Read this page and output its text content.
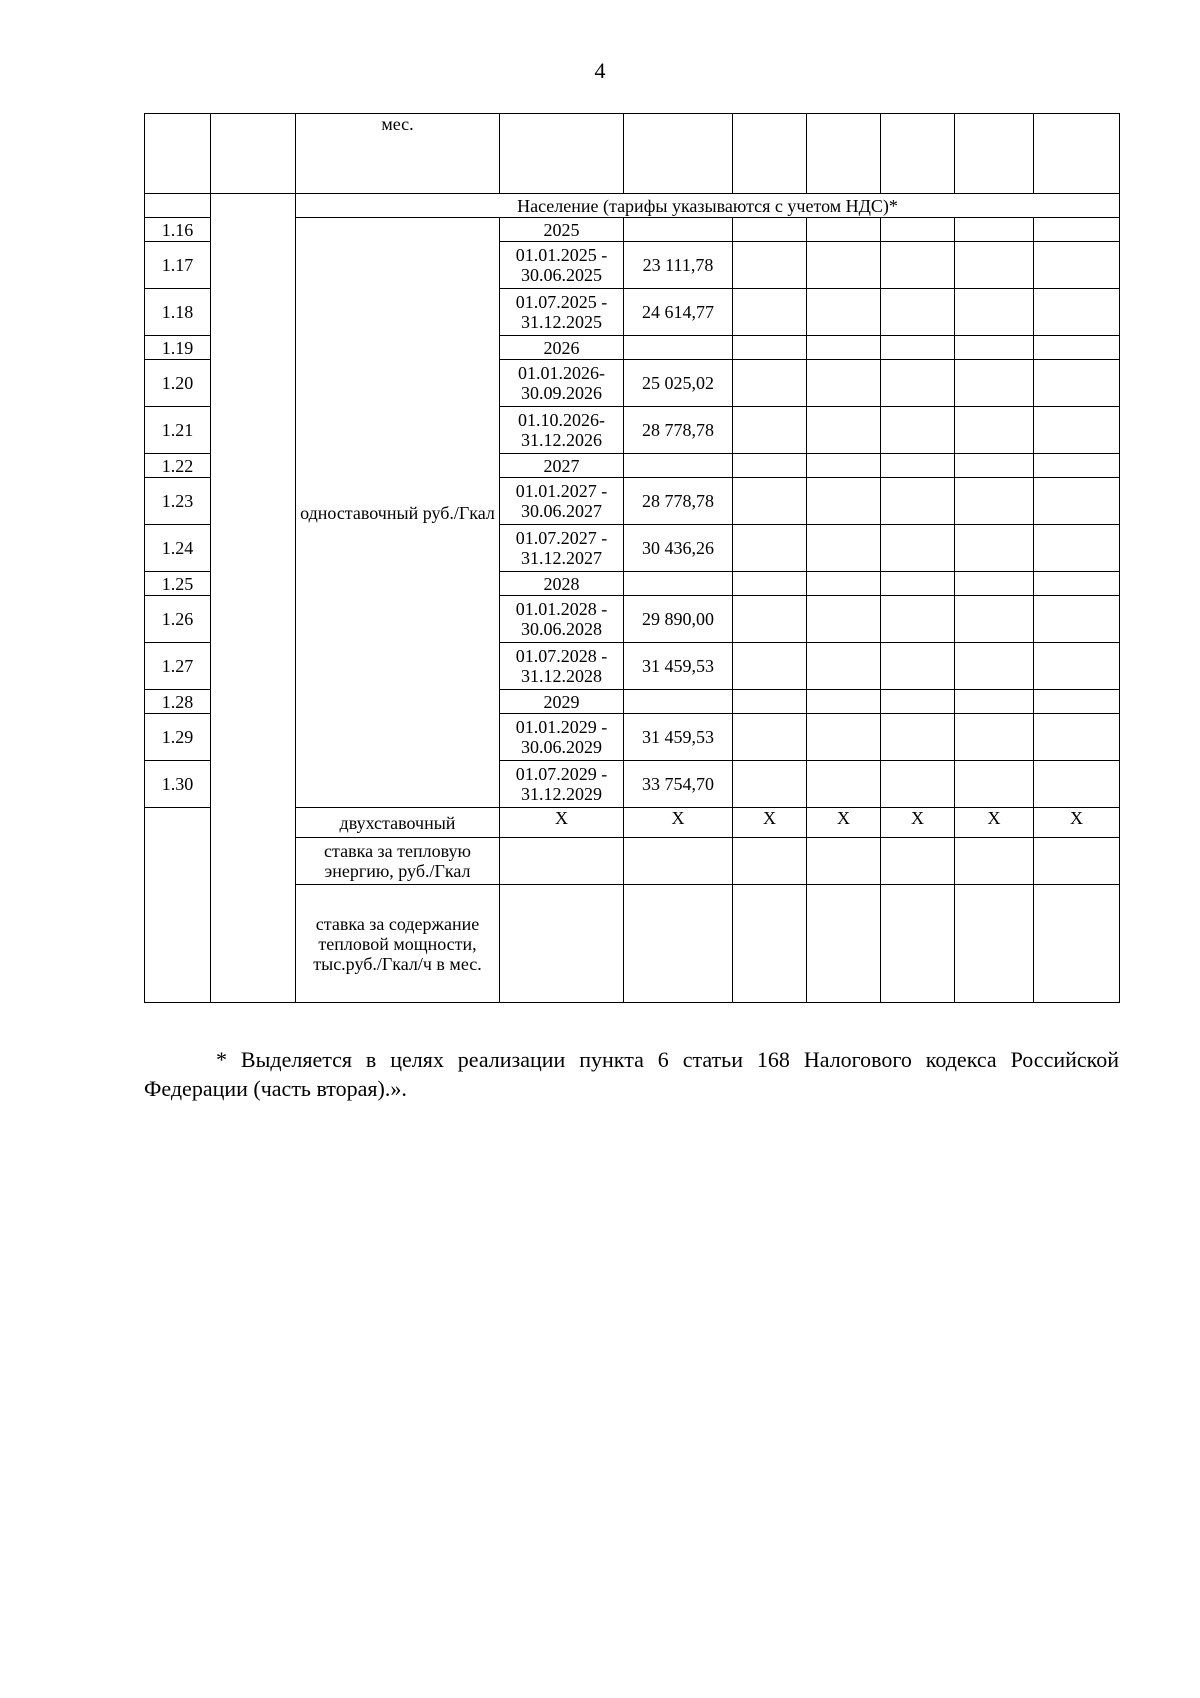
4
		мес.								
		Население (тарифы указываются с учетом НДС)*								
1.16		одноставочный руб./Гкал	2025							
1.17			01.01.2025 - 30.06.2025	23 111,78						
1.18			01.07.2025 - 31.12.2025	24 614,77						
1.19			2026							
1.20			01.01.2026- 30.09.2026	25 025,02						
1.21			01.10.2026- 31.12.2026	28 778,78						
1.22			2027							
1.23			01.01.2027 - 30.06.2027	28 778,78						
1.24			01.07.2027 - 31.12.2027	30 436,26						
1.25			2028							
1.26			01.01.2028 - 30.06.2028	29 890,00						
1.27			01.07.2028 - 31.12.2028	31 459,53						
1.28			2029							
1.29			01.01.2029 - 30.06.2029	31 459,53						
1.30			01.07.2029 - 31.12.2029	33 754,70						
		двухставочный	X	X	X	X	X	X	X	
		ставка за тепловую энергию, руб./Гкал								
		ставка за содержание тепловой мощности, тыс.руб./Гкал/ч в мес.								
* Выделяется в целях реализации пункта 6 статьи 168 Налогового кодекса Российской Федерации (часть вторая).».
